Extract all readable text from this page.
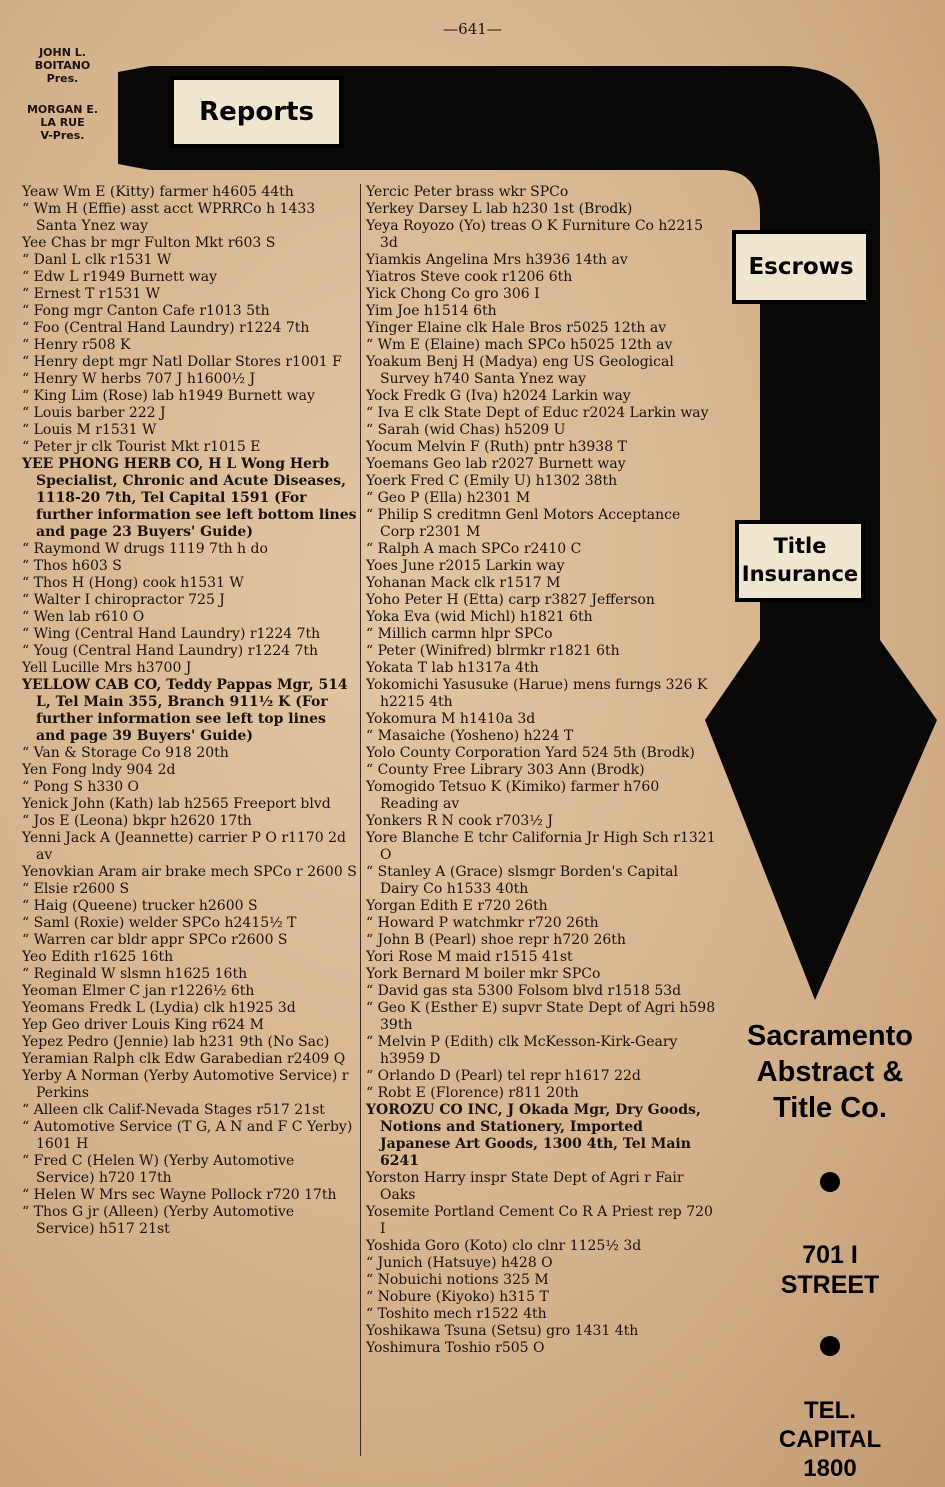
—641—
JOHN L. BOITANO
Pres.
MORGAN E. LA RUE
V-Pres.
Reports
Escrows
Title
Insurance
Yeaw Wm E (Kitty) farmer h4605 44th
“ Wm H (Effie) asst acct WPRRCo h 1433 Santa Ynez way
Yee Chas br mgr Fulton Mkt r603 S
“ Danl L clk r1531 W
“ Edw L r1949 Burnett way
“ Ernest T r1531 W
“ Fong mgr Canton Cafe r1013 5th
“ Foo (Central Hand Laundry) r1224 7th
“ Henry r508 K
“ Henry dept mgr Natl Dollar Stores r1001 F
“ Henry W herbs 707 J h1600½ J
“ King Lim (Rose) lab h1949 Burnett way
“ Louis barber 222 J
“ Louis M r1531 W
“ Peter jr clk Tourist Mkt r1015 E
YEE PHONG HERB CO, H L Wong Herb Specialist, Chronic and Acute Diseases, 1118-20 7th, Tel Capital 1591 (For further information see left bottom lines and page 23 Buyers' Guide)
“ Raymond W drugs 1119 7th h do
“ Thos h603 S
“ Thos H (Hong) cook h1531 W
“ Walter I chiropractor 725 J
“ Wen lab r610 O
“ Wing (Central Hand Laundry) r1224 7th
“ Youg (Central Hand Laundry) r1224 7th
Yell Lucille Mrs h3700 J
YELLOW CAB CO, Teddy Pappas Mgr, 514 L, Tel Main 355, Branch 911½ K (For further information see left top lines and page 39 Buyers' Guide)
“ Van & Storage Co 918 20th
Yen Fong lndy 904 2d
“ Pong S h330 O
Yenick John (Kath) lab h2565 Freeport blvd
“ Jos E (Leona) bkpr h2620 17th
Yenni Jack A (Jeannette) carrier P O r1170 2d av
Yenovkian Aram air brake mech SPCo r 2600 S
“ Elsie r2600 S
“ Haig (Queene) trucker h2600 S
“ Saml (Roxie) welder SPCo h2415½ T
“ Warren car bldr appr SPCo r2600 S
Yeo Edith r1625 16th
“ Reginald W slsmn h1625 16th
Yeoman Elmer C jan r1226½ 6th
Yeomans Fredk L (Lydia) clk h1925 3d
Yep Geo driver Louis King r624 M
Yepez Pedro (Jennie) lab h231 9th (No Sac)
Yeramian Ralph clk Edw Garabedian r2409 Q
Yerby A Norman (Yerby Automotive Service) r Perkins
“ Alleen clk Calif-Nevada Stages r517 21st
“ Automotive Service (T G, A N and F C Yerby) 1601 H
“ Fred C (Helen W) (Yerby Automotive Service) h720 17th
“ Helen W Mrs sec Wayne Pollock r720 17th
“ Thos G jr (Alleen) (Yerby Automotive Service) h517 21st
Yercic Peter brass wkr SPCo
Yerkey Darsey L lab h230 1st (Brodk)
Yeya Royozo (Yo) treas O K Furniture Co h2215 3d
Yiamkis Angelina Mrs h3936 14th av
Yiatros Steve cook r1206 6th
Yick Chong Co gro 306 I
Yim Joe h1514 6th
Yinger Elaine clk Hale Bros r5025 12th av
“ Wm E (Elaine) mach SPCo h5025 12th av
Yoakum Benj H (Madya) eng US Geological Survey h740 Santa Ynez way
Yock Fredk G (Iva) h2024 Larkin way
“ Iva E clk State Dept of Educ r2024 Larkin way
“ Sarah (wid Chas) h5209 U
Yocum Melvin F (Ruth) pntr h3938 T
Yoemans Geo lab r2027 Burnett way
Yoerk Fred C (Emily U) h1302 38th
“ Geo P (Ella) h2301 M
“ Philip S creditmn Genl Motors Acceptance Corp r2301 M
“ Ralph A mach SPCo r2410 C
Yoes June r2015 Larkin way
Yohanan Mack clk r1517 M
Yoho Peter H (Etta) carp r3827 Jefferson
Yoka Eva (wid Michl) h1821 6th
“ Millich carmn hlpr SPCo
“ Peter (Winifred) blrmkr r1821 6th
Yokata T lab h1317a 4th
Yokomichi Yasusuke (Harue) mens furngs 326 K h2215 4th
Yokomura M h1410a 3d
“ Masaiche (Yosheno) h224 T
Yolo County Corporation Yard 524 5th (Brodk)
“ County Free Library 303 Ann (Brodk)
Yomogido Tetsuo K (Kimiko) farmer h760 Reading av
Yonkers R N cook r703½ J
Yore Blanche E tchr California Jr High Sch r1321 O
“ Stanley A (Grace) slsmgr Borden's Capital Dairy Co h1533 40th
Yorgan Edith E r720 26th
“ Howard P watchmkr r720 26th
“ John B (Pearl) shoe repr h720 26th
Yori Rose M maid r1515 41st
York Bernard M boiler mkr SPCo
“ David gas sta 5300 Folsom blvd r1518 53d
“ Geo K (Esther E) supvr State Dept of Agri h598 39th
“ Melvin P (Edith) clk McKesson-Kirk-Geary h3959 D
“ Orlando D (Pearl) tel repr h1617 22d
“ Robt E (Florence) r811 20th
YOROZU CO INC, J Okada Mgr, Dry Goods, Notions and Stationery, Imported Japanese Art Goods, 1300 4th, Tel Main 6241
Yorston Harry inspr State Dept of Agri r Fair Oaks
Yosemite Portland Cement Co R A Priest rep 720 I
Yoshida Goro (Koto) clo clnr 1125½ 3d
“ Junich (Hatsuye) h428 O
“ Nobuichi notions 325 M
“ Nobure (Kiyoko) h315 T
“ Toshito mech r1522 4th
Yoshikawa Tsuna (Setsu) gro 1431 4th
Yoshimura Toshio r505 O
Sacramento
Abstract &
Title Co.
701 I
STREET
TEL.
CAPITAL
1800
